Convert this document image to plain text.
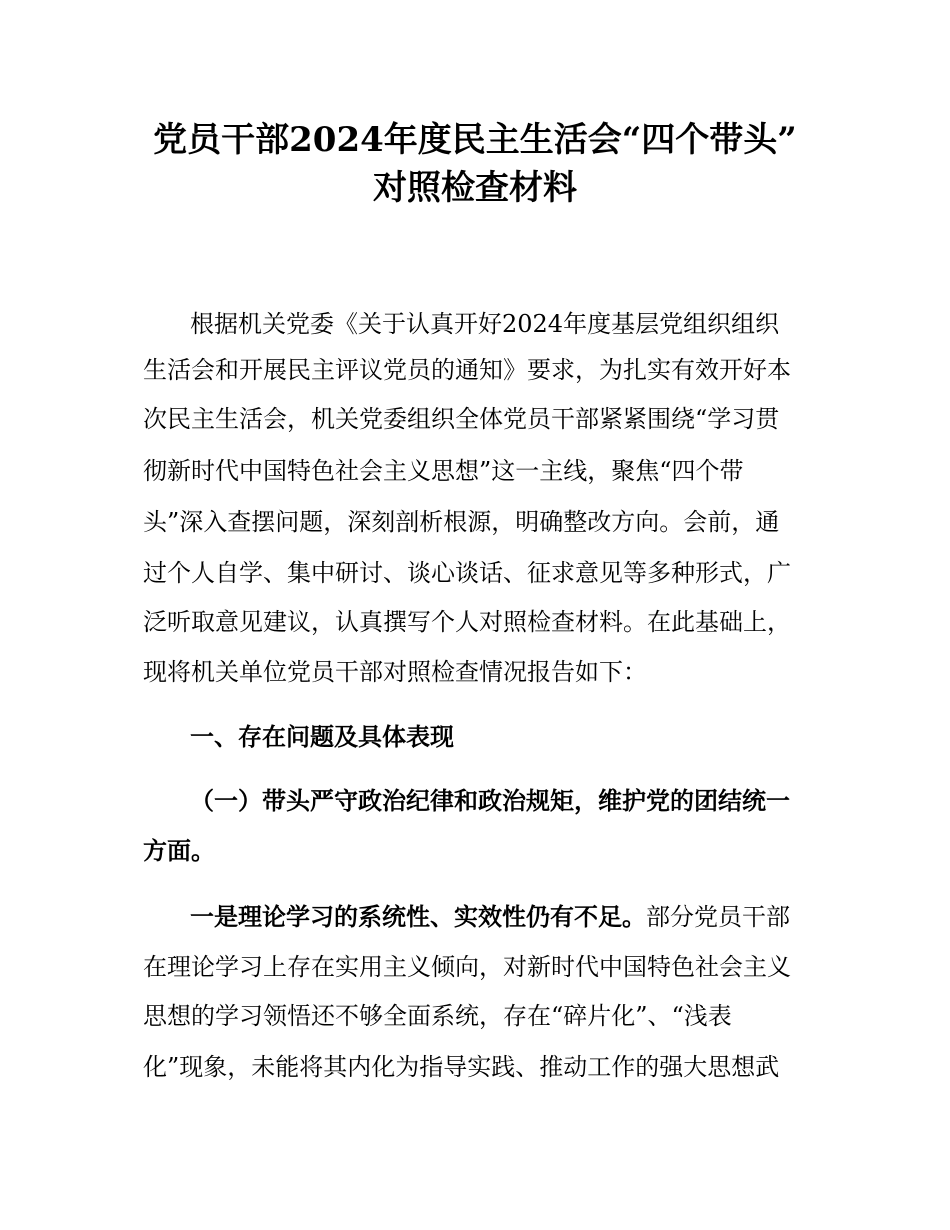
党员干部2024年度民主生活会“四个带头”
对照检查材料
根据机关党委《关于认真开好2024年度基层党组织组织
生活会和开展民主评议党员的通知》要求，为扎实有效开好本
次民主生活会，机关党委组织全体党员干部紧紧围绕“学习贯
彻新时代中国特色社会主义思想”这一主线，聚焦“四个带
头”深入查摆问题，深刻剖析根源，明确整改方向。会前，通
过个人自学、集中研讨、谈心谈话、征求意见等多种形式，广
泛听取意见建议，认真撰写个人对照检查材料。在此基础上，
现将机关单位党员干部对照检查情况报告如下：
一、存在问题及具体表现
（一）带头严守政治纪律和政治规矩，维护党的团结统一
方面。
一是理论学习的系统性、实效性仍有不足。部分党员干部
在理论学习上存在实用主义倾向，对新时代中国特色社会主义
思想的学习领悟还不够全面系统，存在“碎片化”、“浅表
化”现象，未能将其内化为指导实践、推动工作的强大思想武
